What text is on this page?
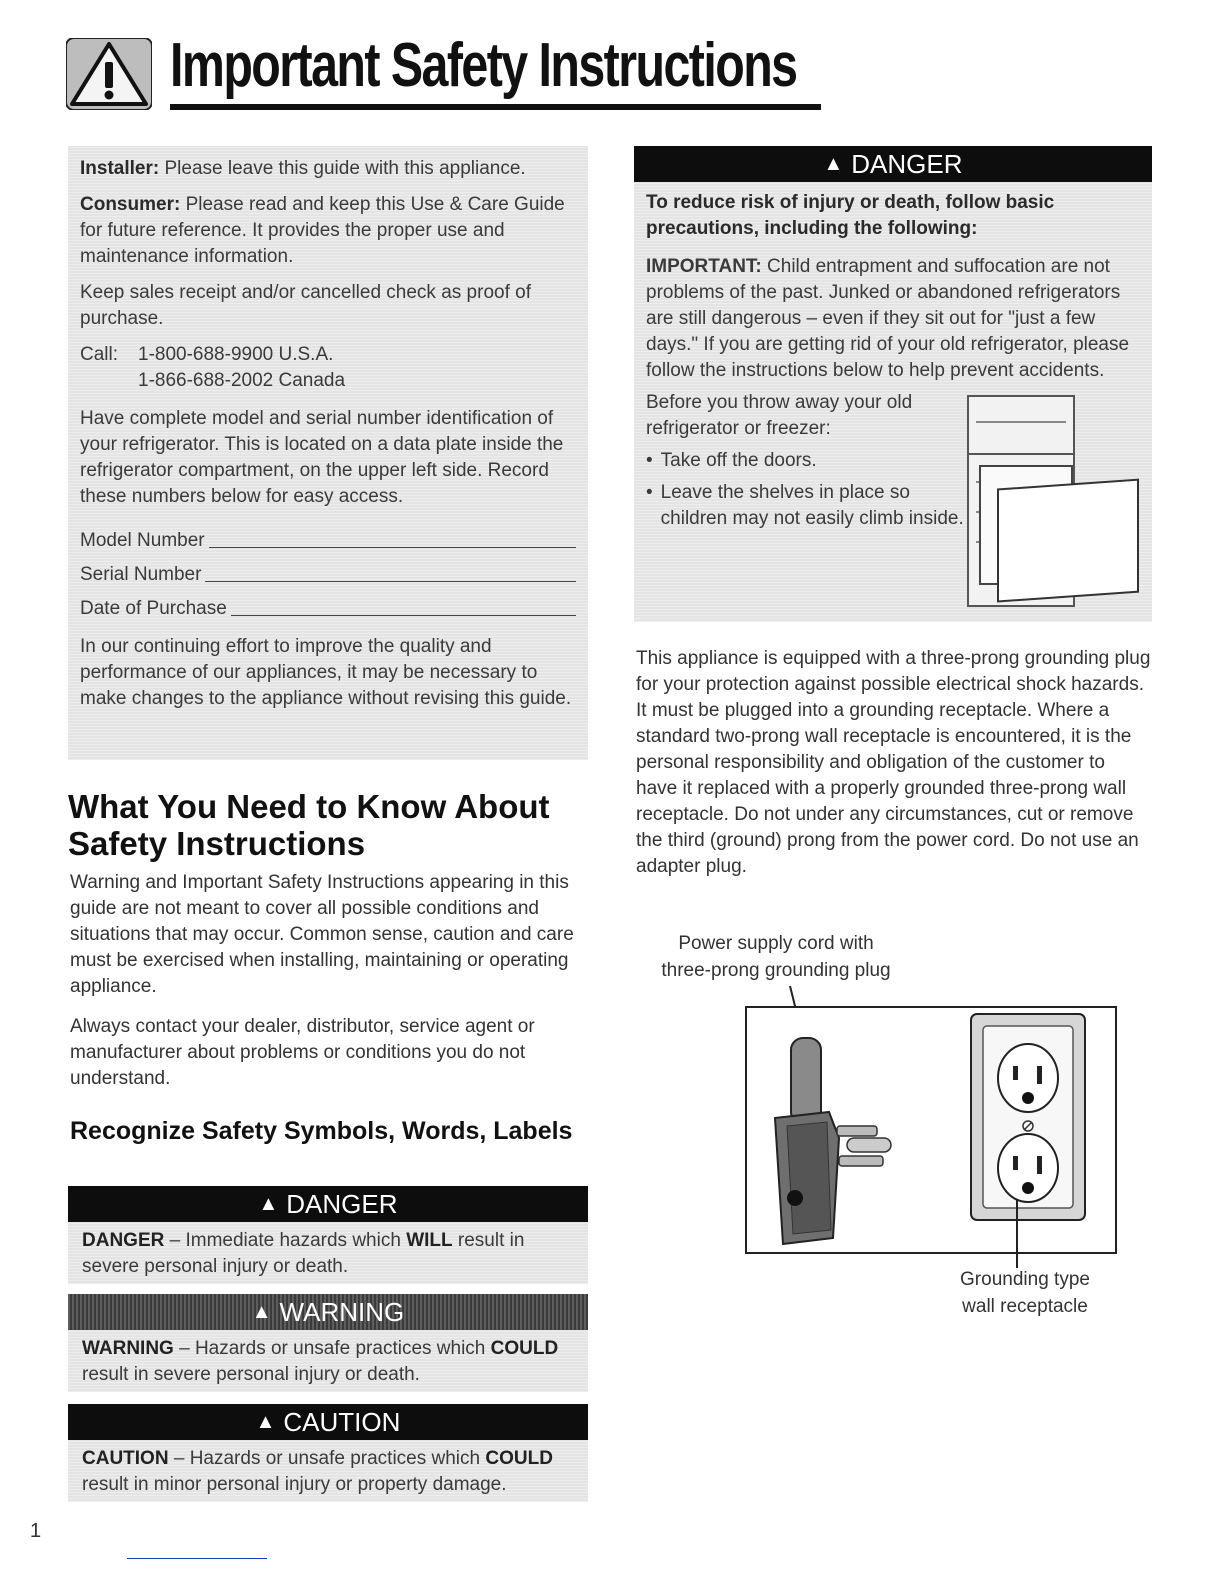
Important Safety Instructions

Installer: Please leave this guide with this appliance.

Consumer: Please read and keep this Use & Care Guide for future reference. It provides the proper use and maintenance information.

Keep sales receipt and/or cancelled check as proof of purchase.

Call:	1-800-688-9900 U.S.A.
1-866-688-2002 Canada

Have complete model and serial number identification of your refrigerator. This is located on a data plate inside the refrigerator compartment, on the upper left side. Record these numbers below for easy access.

Model Number
Serial Number
Date of Purchase

In our continuing effort to improve the quality and performance of our appliances, it may be necessary to make changes to the appliance without revising this guide.

What You Need to Know About Safety Instructions

Warning and Important Safety Instructions appearing in this guide are not meant to cover all possible conditions and situations that may occur. Common sense, caution and care must be exercised when installing, maintaining or operating appliance.

Always contact your dealer, distributor, service agent or manufacturer about problems or conditions you do not understand.

Recognize Safety Symbols, Words, Labels
▲ DANGER
DANGER – Immediate hazards which WILL result in severe personal injury or death.
▲ WARNING
WARNING – Hazards or unsafe practices which COULD result in severe personal injury or death.
▲ CAUTION
CAUTION – Hazards or unsafe practices which COULD result in minor personal injury or property damage.
▲ DANGER
To reduce risk of injury or death, follow basic precautions, including the following:

IMPORTANT: Child entrapment and suffocation are not problems of the past. Junked or abandoned refrigerators are still dangerous – even if they sit out for "just a few days." If you are getting rid of your old refrigerator, please follow the instructions below to help prevent accidents.

Before you throw away your old refrigerator or freezer:

• Take off the doors.
• Leave the shelves in place so children may not easily climb inside.

This appliance is equipped with a three-prong grounding plug for your protection against possible electrical shock hazards. It must be plugged into a grounding receptacle. Where a standard two-prong wall receptacle is encountered, it is the personal responsibility and obligation of the customer to have it replaced with a properly grounded three-prong wall receptacle. Do not under any circumstances, cut or remove the third (ground) prong from the power cord. Do not use an adapter plug.

Power supply cord with
three-prong grounding plug
Grounding type
wall receptacle
1
